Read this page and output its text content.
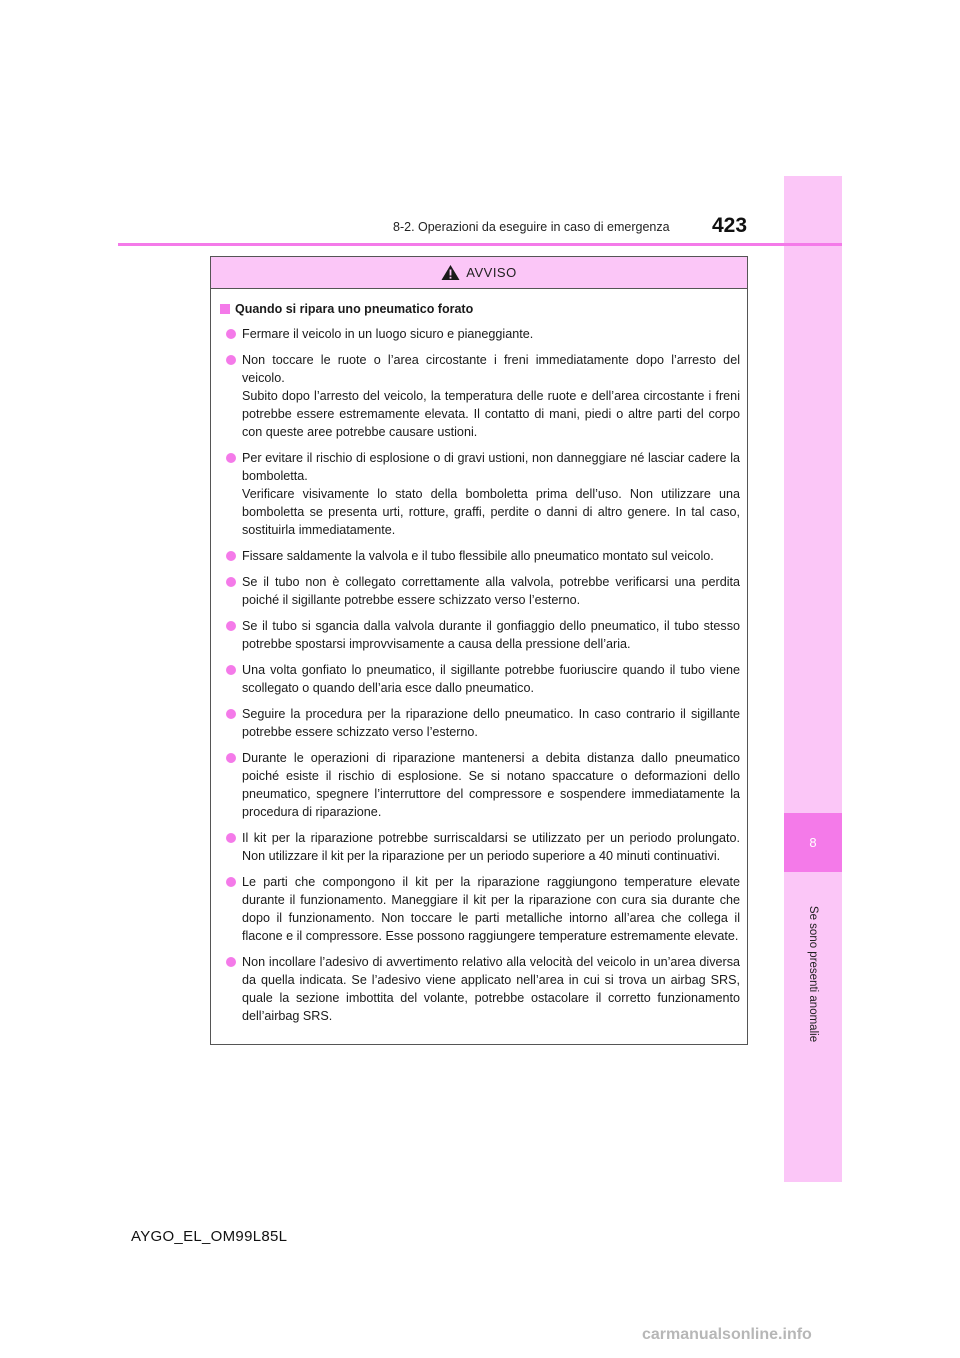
8
Se sono presenti anomalie
8-2. Operazioni da eseguire in caso di emergenza 423
AVVISO
Quando si ripara uno pneumatico forato

Fermare il veicolo in un luogo sicuro e pianeggiante.

Non toccare le ruote o l’area circostante i freni immediatamente dopo l’arresto del veicolo.

Subito dopo l’arresto del veicolo, la temperatura delle ruote e dell’area circostante i freni potrebbe essere estremamente elevata. Il contatto di mani, piedi o altre parti del corpo con queste aree potrebbe causare ustioni.

Per evitare il rischio di esplosione o di gravi ustioni, non danneggiare né lasciar cadere la bomboletta.

Verificare visivamente lo stato della bomboletta prima dell’uso. Non utilizzare una bomboletta se presenta urti, rotture, graffi, perdite o danni di altro genere. In tal caso, sostituirla immediatamente.

Fissare saldamente la valvola e il tubo flessibile allo pneumatico montato sul veicolo.

Se il tubo non è collegato correttamente alla valvola, potrebbe verificarsi una perdita poiché il sigillante potrebbe essere schizzato verso l’esterno.

Se il tubo si sgancia dalla valvola durante il gonfiaggio dello pneumatico, il tubo stesso potrebbe spostarsi improvvisamente a causa della pressione dell’aria.

Una volta gonfiato lo pneumatico, il sigillante potrebbe fuoriuscire quando il tubo viene scollegato o quando dell’aria esce dallo pneumatico.

Seguire la procedura per la riparazione dello pneumatico. In caso contrario il sigillante potrebbe essere schizzato verso l’esterno.

Durante le operazioni di riparazione mantenersi a debita distanza dallo pneumatico poiché esiste il rischio di esplosione. Se si notano spaccature o deformazioni dello pneumatico, spegnere l’interruttore del compressore e sospendere immediatamente la procedura di riparazione.

Il kit per la riparazione potrebbe surriscaldarsi se utilizzato per un periodo prolungato. Non utilizzare il kit per la riparazione per un periodo superiore a 40 minuti continuativi.

Le parti che compongono il kit per la riparazione raggiungono temperature elevate durante il funzionamento. Maneggiare il kit per la riparazione con cura sia durante che dopo il funzionamento. Non toccare le parti metalliche intorno all’area che collega il flacone e il compressore. Esse possono raggiungere temperature estremamente elevate.

Non incollare l’adesivo di avvertimento relativo alla velocità del veicolo in un’area diversa da quella indicata. Se l’adesivo viene applicato nell’area in cui si trova un airbag SRS, quale la sezione imbottita del volante, potrebbe ostacolare il corretto funzionamento dell’airbag SRS.

AYGO_EL_OM99L85L
carmanualsonline.info
